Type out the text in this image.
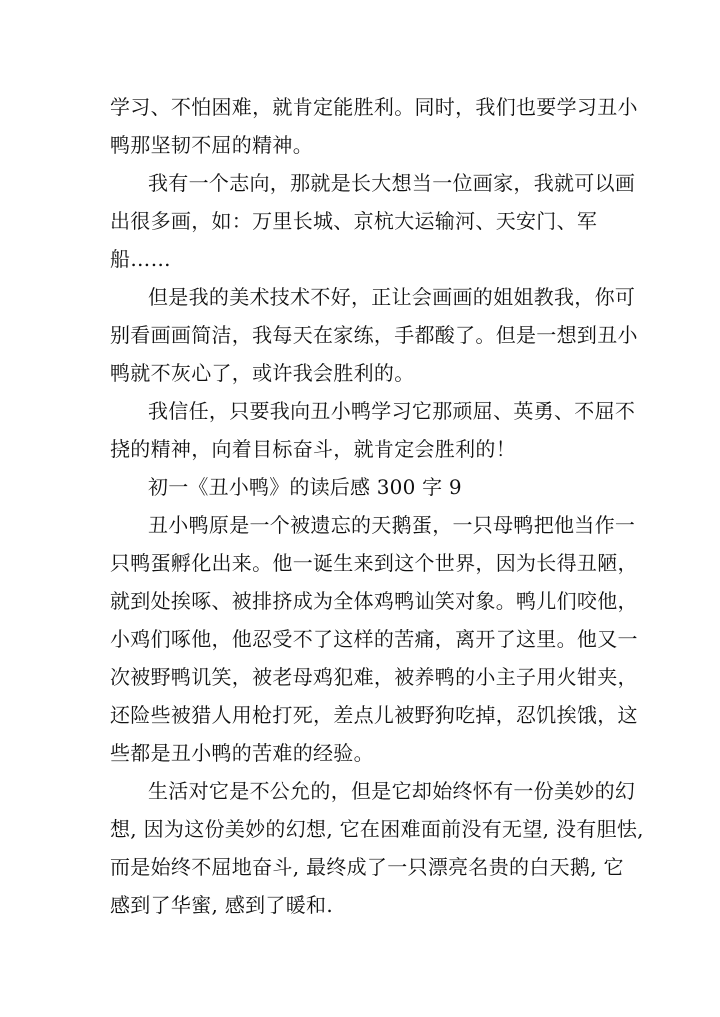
学习、不怕困难，就肯定能胜利。同时，我们也要学习丑小
鸭那坚韧不屈的精神。
我有一个志向，那就是长大想当一位画家，我就可以画
出很多画，如：万里长城、京杭大运输河、天安门、军
船……
但是我的美术技术不好，正让会画画的姐姐教我，你可
别看画画简洁，我每天在家练，手都酸了。但是一想到丑小
鸭就不灰心了，或许我会胜利的。
我信任，只要我向丑小鸭学习它那顽屈、英勇、不屈不
挠的精神，向着目标奋斗，就肯定会胜利的！
初一《丑小鸭》的读后感 300 字 9
丑小鸭原是一个被遗忘的天鹅蛋，一只母鸭把他当作一
只鸭蛋孵化出来。他一诞生来到这个世界，因为长得丑陋，
就到处挨啄、被排挤成为全体鸡鸭讪笑对象。鸭儿们咬他，
小鸡们啄他，他忍受不了这样的苦痛，离开了这里。他又一
次被野鸭讥笑，被老母鸡犯难，被养鸭的小主子用火钳夹，
还险些被猎人用枪打死，差点儿被野狗吃掉，忍饥挨饿，这
些都是丑小鸭的苦难的经验。
生活对它是不公允的，但是它却始终怀有一份美妙的幻
想, 因为这份美妙的幻想, 它在困难面前没有无望, 没有胆怯,
而是始终不屈地奋斗, 最终成了一只漂亮名贵的白天鹅, 它
感到了华蜜, 感到了暖和.
